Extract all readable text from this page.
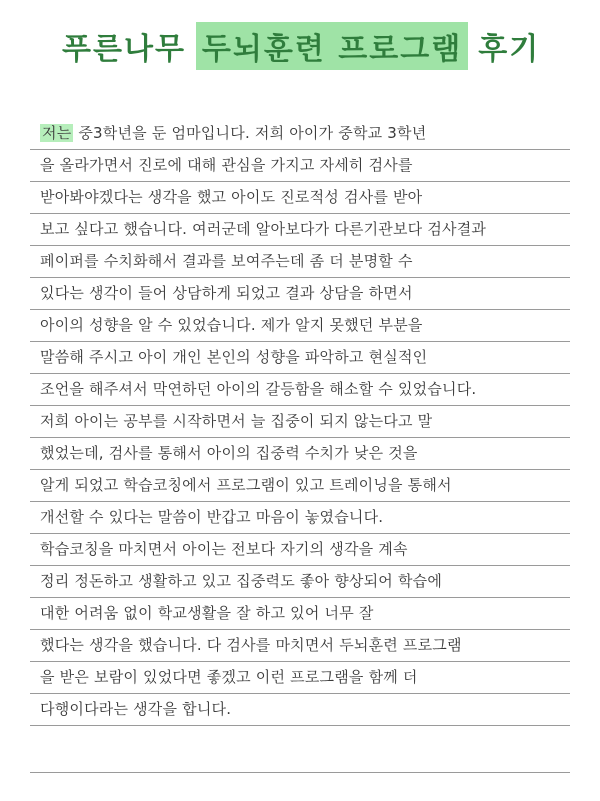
푸른나무 두뇌훈련 프로그램 후기
저는 중3학년을 둔 엄마입니다. 저희 아이가 중학교 3학년
을 올라가면서 진로에 대해 관심을 가지고 자세히 검사를
받아봐야겠다는 생각을 했고 아이도 진로적성 검사를 받아
보고 싶다고 했습니다. 여러군데 알아보다가 다른기관보다 검사결과
페이퍼를 수치화해서 결과를 보여주는데 좀 더 분명할 수
있다는 생각이 들어 상담하게 되었고 결과 상담을 하면서
아이의 성향을 알 수 있었습니다. 제가 알지 못했던 부분을
말씀해 주시고 아이 개인 본인의 성향을 파악하고 현실적인
조언을 해주셔서 막연하던 아이의 갈등함을 해소할 수 있었습니다.
저희 아이는 공부를 시작하면서 늘 집중이 되지 않는다고 말
했었는데, 검사를 통해서 아이의 집중력 수치가 낮은 것을
알게 되었고 학습코칭에서 프로그램이 있고 트레이닝을 통해서
개선할 수 있다는 말씀이 반갑고 마음이 놓였습니다.
학습코칭을 마치면서 아이는 전보다 자기의 생각을 계속
정리 정돈하고 생활하고 있고 집중력도 좋아 향상되어 학습에
대한 어려움 없이 학교생활을 잘 하고 있어 너무 잘
했다는 생각을 했습니다. 다 검사를 마치면서 두뇌훈련 프로그램
을 받은 보람이 있었다면 좋겠고 이런 프로그램을 함께 더
다행이다라는 생각을 합니다.
